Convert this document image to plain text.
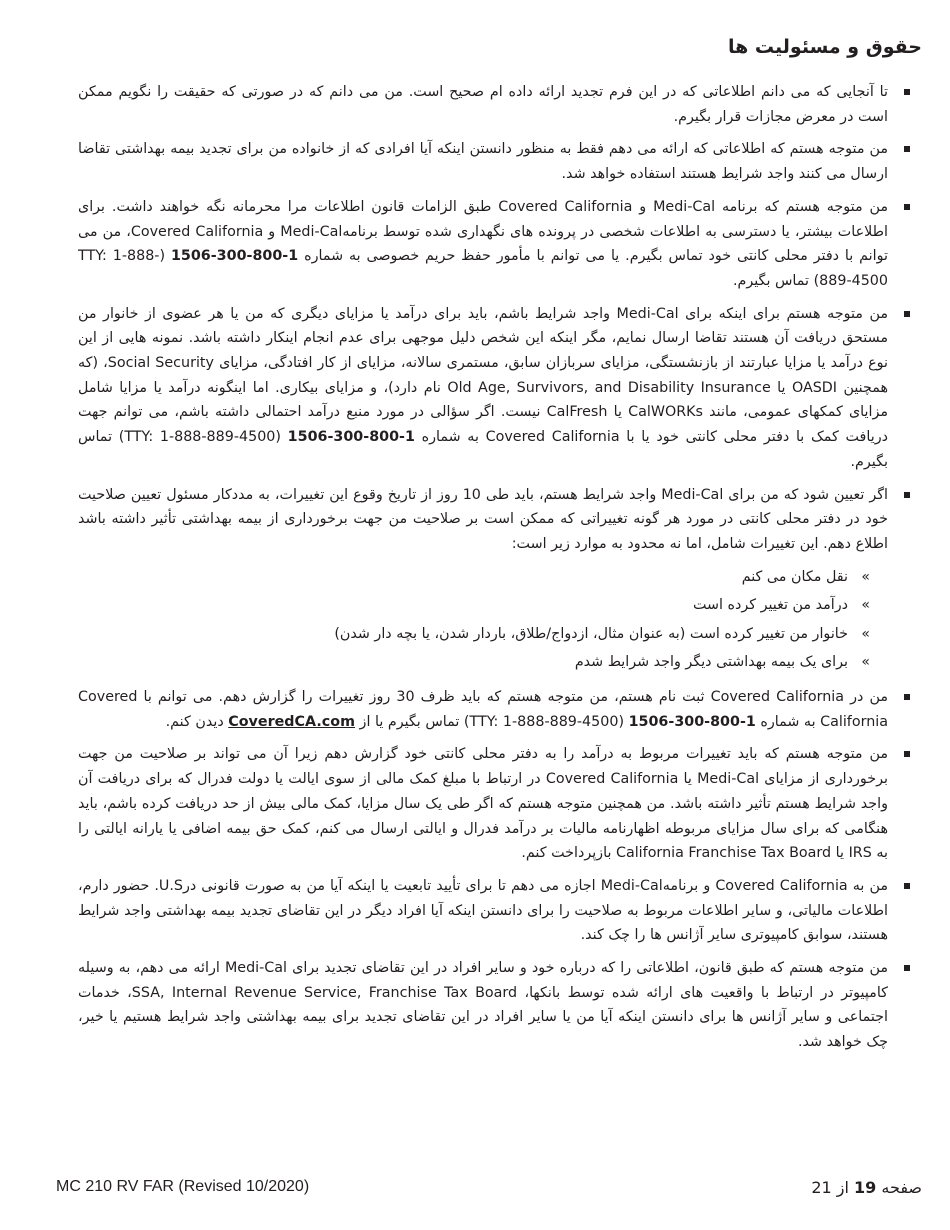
حقوق و مسئولیت ها
تا آنجایی که می دانم اطلاعاتی که در این فرم تجدید ارائه داده ام صحیح است. من می دانم که در صورتی که حقیقت را نگویم ممکن است در معرض مجازات قرار بگیرم.
من متوجه هستم که اطلاعاتی که ارائه می دهم فقط به منظور دانستن اینکه آیا افرادی که از خانواده من برای تجدید بیمه بهداشتی تقاضا ارسال می کنند واجد شرایط هستند استفاده خواهد شد.
من متوجه هستم که برنامه Medi-Cal و Covered California طبق الزامات قانون اطلاعات مرا محرمانه نگه خواهند داشت. برای اطلاعات بیشتر، یا دسترسی به اطلاعات شخصی در پرونده های نگهداری شده توسط برنامهMedi-Cal و Covered California، من می توانم با دفتر محلی کانتی خود تماس بگیرم. یا می توانم با مأمور حفظ حریم خصوصی به شماره 1-800-300-1506 (TTY: 1-888-889-4500) تماس بگیرم.
من متوجه هستم برای اینکه برای Medi-Cal واجد شرایط باشم، باید برای درآمد یا مزایای دیگری که من یا هر عضوی از خانوار من مستحق دریافت آن هستند تقاضا ارسال نمایم، مگر اینکه این شخص دلیل موجهی برای عدم انجام اینکار داشته باشد. نمونه هایی از این نوع درآمد یا مزایا عبارتند از بازنشستگی، مزایای سربازان سابق، مستمری سالانه، مزایای از کار افتادگی، مزایای Social Security، (که همچنین OASDI یا Old Age, Survivors, and Disability Insurance نام دارد)، و مزایای بیکاری. اما اینگونه درآمد یا مزایا شامل مزایای کمکهای عمومی، مانند CalWORKs یا CalFresh نیست. اگر سؤالی در مورد منبع درآمد احتمالی داشته باشم، می توانم جهت دریافت کمک با دفتر محلی کانتی خود یا با Covered California به شماره 1-800-300-1506 (TTY: 1-888-889-4500) تماس بگیرم.
اگر تعیین شود که من برای Medi-Cal واجد شرایط هستم، باید طی 10 روز از تاریخ وقوع این تغییرات، به مددکار مسئول تعیین صلاحیت خود در دفتر محلی کانتی در مورد هر گونه تغییراتی که ممکن است بر صلاحیت من جهت برخورداری از بیمه بهداشتی تأثیر داشته باشد اطلاع دهم. این تغییرات شامل، اما نه محدود به موارد زیر است:
»
نقل مکان می کنم
»
درآمد من تغییر کرده است
»
خانوار من تغییر کرده است (به عنوان مثال، ازدواج/طلاق، باردار شدن، یا بچه دار شدن)
»
برای یک بیمه بهداشتی دیگر واجد شرایط شدم
من در Covered California ثبت نام هستم، من متوجه هستم که باید ظرف 30 روز تغییرات را گزارش دهم. می توانم با Covered California به شماره 1-800-300-1506 (TTY: 1-888-889-4500) تماس بگیرم یا از CoveredCA.com دیدن کنم.
من متوجه هستم که باید تغییرات مربوط به درآمد را به دفتر محلی کانتی خود گزارش دهم زیرا آن می تواند بر صلاحیت من جهت برخورداری از مزایای Medi-Cal یا Covered California در ارتباط با مبلغ کمک مالی از سوی ایالت یا دولت فدرال که برای دریافت آن واجد شرایط هستم تأثیر داشته باشد. من همچنین متوجه هستم که اگر طی یک سال مزایا، کمک مالی بیش از حد دریافت کرده باشم، باید هنگامی که برای سال مزایای مربوطه اظهارنامه مالیات بر درآمد فدرال و ایالتی ارسال می کنم، کمک حق بیمه اضافی یا یارانه ایالتی را به IRS یا California Franchise Tax Board بازپرداخت کنم.
من به Covered California و برنامهMedi-Cal اجازه می دهم تا برای تأیید تابعیت یا اینکه آیا من به صورت قانونی درU.S. حضور دارم، اطلاعات مالیاتی، و سایر اطلاعات مربوط به صلاحیت را برای دانستن اینکه آیا افراد دیگر در این تقاضای تجدید بیمه بهداشتی واجد شرایط هستند، سوابق کامپیوتری سایر آژانس ها را چک کند.
من متوجه هستم که طبق قانون، اطلاعاتی را که درباره خود و سایر افراد در این تقاضای تجدید برای Medi-Cal ارائه می دهم، به وسیله کامپیوتر در ارتباط با واقعیت های ارائه شده توسط بانکها، SSA, Internal Revenue Service, Franchise Tax Board، خدمات اجتماعی و سایر آژانس ها برای دانستن اینکه آیا من یا سایر افراد در این تقاضای تجدید برای بیمه بهداشتی واجد شرایط هستیم یا خیر، چک خواهد شد.

MC 210 RV FAR (Revised 10/2020)	صفحه 19 از 21
